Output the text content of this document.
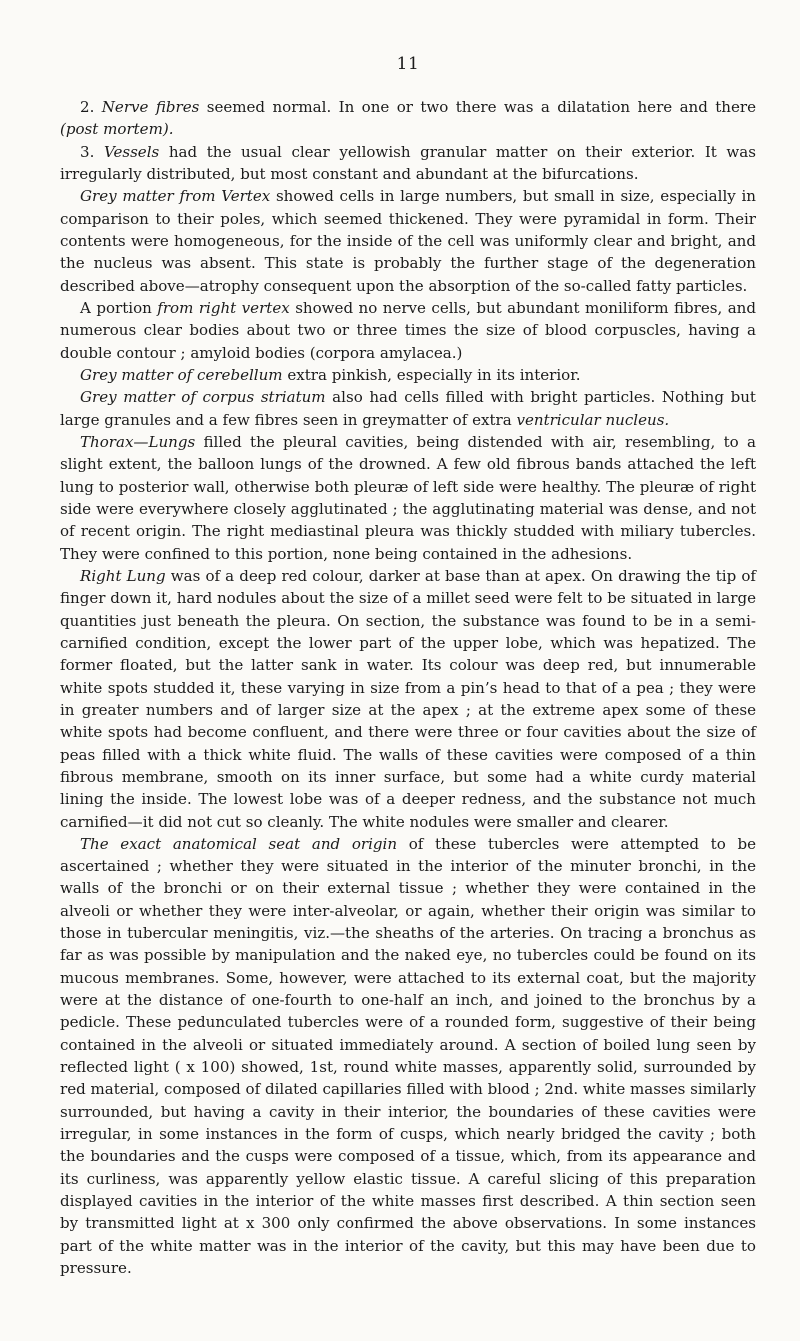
11

2. Nerve fibres seemed normal. In one or two there was a dilatation here and there (post mortem).

3. Vessels had the usual clear yellowish granular matter on their exterior. It was irregularly distributed, but most constant and abundant at the bifurcations.

Grey matter from Vertex showed cells in large numbers, but small in size, especially in comparison to their poles, which seemed thickened. They were pyramidal in form. Their contents were homogeneous, for the inside of the cell was uniformly clear and bright, and the nucleus was absent. This state is probably the further stage of the degeneration described above—atrophy consequent upon the absorption of the so-called fatty particles.

A portion from right vertex showed no nerve cells, but abundant moniliform fibres, and numerous clear bodies about two or three times the size of blood corpuscles, having a double contour ; amyloid bodies (corpora amylacea.)

Grey matter of cerebellum extra pinkish, especially in its interior.

Grey matter of corpus striatum also had cells filled with bright particles. Nothing but large granules and a few fibres seen in greymatter of extra ventricular nucleus.

Thorax—Lungs filled the pleural cavities, being distended with air, resembling, to a slight extent, the balloon lungs of the drowned. A few old fibrous bands attached the left lung to posterior wall, otherwise both pleuræ of left side were healthy. The pleuræ of right side were everywhere closely agglutinated ; the agglutinating material was dense, and not of recent origin. The right mediastinal pleura was thickly studded with miliary tubercles. They were confined to this portion, none being contained in the adhesions.

Right Lung was of a deep red colour, darker at base than at apex. On drawing the tip of finger down it, hard nodules about the size of a millet seed were felt to be situated in large quantities just beneath the pleura. On section, the substance was found to be in a semi-carnified condition, except the lower part of the upper lobe, which was hepatized. The former floated, but the latter sank in water. Its colour was deep red, but innumerable white spots studded it, these varying in size from a pin’s head to that of a pea ; they were in greater numbers and of larger size at the apex ; at the extreme apex some of these white spots had become confluent, and there were three or four cavities about the size of peas filled with a thick white fluid. The walls of these cavities were composed of a thin fibrous membrane, smooth on its inner surface, but some had a white curdy material lining the inside. The lowest lobe was of a deeper redness, and the substance not much carnified—it did not cut so cleanly. The white nodules were smaller and clearer.

The exact anatomical seat and origin of these tubercles were attempted to be ascertained ; whether they were situated in the interior of the minuter bronchi, in the walls of the bronchi or on their external tissue ; whether they were contained in the alveoli or whether they were inter-alveolar, or again, whether their origin was similar to those in tubercular meningitis, viz.—the sheaths of the arteries. On tracing a bronchus as far as was possible by manipulation and the naked eye, no tubercles could be found on its mucous membranes. Some, however, were attached to its external coat, but the majority were at the distance of one-fourth to one-half an inch, and joined to the bronchus by a pedicle. These pedunculated tubercles were of a rounded form, suggestive of their being contained in the alveoli or situated immediately around. A section of boiled lung seen by reflected light ( x 100) showed, 1st, round white masses, apparently solid, surrounded by red material, composed of dilated capillaries filled with blood ; 2nd. white masses similarly surrounded, but having a cavity in their interior, the boundaries of these cavities were irregular, in some instances in the form of cusps, which nearly bridged the cavity ; both the boundaries and the cusps were composed of a tissue, which, from its appearance and its curliness, was apparently yellow elastic tissue. A careful slicing of this preparation displayed cavities in the interior of the white masses first described. A thin section seen by transmitted light at x 300 only confirmed the above observations. In some instances part of the white matter was in the interior of the cavity, but this may have been due to pressure.
